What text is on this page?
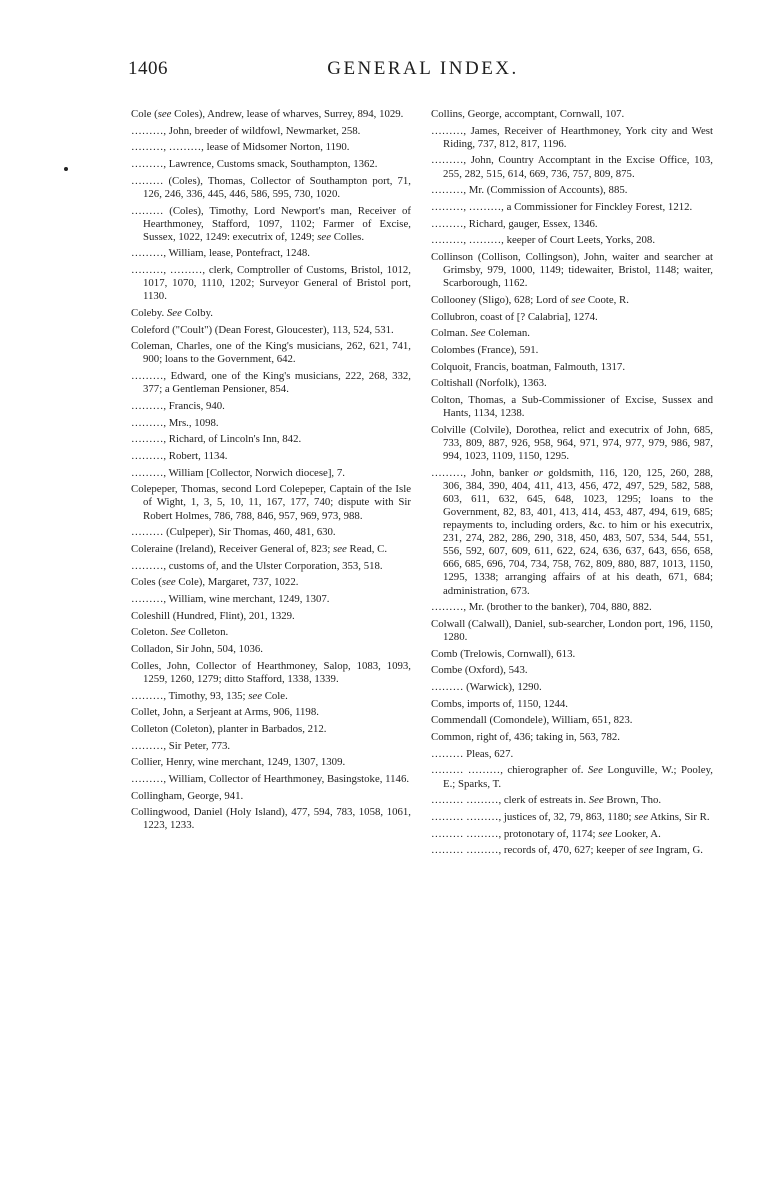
1406	GENERAL INDEX.

Cole (see Coles), Andrew, lease of wharves, Surrey, 894, 1029.

………, John, breeder of wildfowl, Newmarket, 258.

………, ………, lease of Midsomer Norton, 1190.

………, Lawrence, Customs smack, Southampton, 1362.

……… (Coles), Thomas, Collector of Southampton port, 71, 126, 246, 336, 445, 446, 586, 595, 730, 1020.

……… (Coles), Timothy, Lord Newport's man, Receiver of Hearthmoney, Stafford, 1097, 1102; Farmer of Excise, Sussex, 1022, 1249: executrix of, 1249; see Colles.

………, William, lease, Pontefract, 1248.

………, ………, clerk, Comptroller of Customs, Bristol, 1012, 1017, 1070, 1110, 1202; Surveyor General of Bristol port, 1130.

Coleby. See Colby.

Coleford ("Coult") (Dean Forest, Gloucester), 113, 524, 531.

Coleman, Charles, one of the King's musicians, 262, 621, 741, 900; loans to the Government, 642.

………, Edward, one of the King's musicians, 222, 268, 332, 377; a Gentleman Pensioner, 854.

………, Francis, 940.

………, Mrs., 1098.

………, Richard, of Lincoln's Inn, 842.

………, Robert, 1134.

………, William [Collector, Norwich diocese], 7.

Colepeper, Thomas, second Lord Colepeper, Captain of the Isle of Wight, 1, 3, 5, 10, 11, 167, 177, 740; dispute with Sir Robert Holmes, 786, 788, 846, 957, 969, 973, 988.

……… (Culpeper), Sir Thomas, 460, 481, 630.

Coleraine (Ireland), Receiver General of, 823; see Read, C.

………, customs of, and the Ulster Corporation, 353, 518.

Coles (see Cole), Margaret, 737, 1022.

………, William, wine merchant, 1249, 1307.

Coleshill (Hundred, Flint), 201, 1329.

Coleton. See Colleton.

Colladon, Sir John, 504, 1036.

Colles, John, Collector of Hearthmoney, Salop, 1083, 1093, 1259, 1260, 1279; ditto Stafford, 1338, 1339.

………, Timothy, 93, 135; see Cole.

Collet, John, a Serjeant at Arms, 906, 1198.

Colleton (Coleton), planter in Barbados, 212.

………, Sir Peter, 773.

Collier, Henry, wine merchant, 1249, 1307, 1309.

………, William, Collector of Hearthmoney, Basingstoke, 1146.

Collingham, George, 941.

Collingwood, Daniel (Holy Island), 477, 594, 783, 1058, 1061, 1223, 1233.

Collins, George, accomptant, Cornwall, 107.

………, James, Receiver of Hearthmoney, York city and West Riding, 737, 812, 817, 1196.

………, John, Country Accomptant in the Excise Office, 103, 255, 282, 515, 614, 669, 736, 757, 809, 875.

………, Mr. (Commission of Accounts), 885.

………, ………, a Commissioner for Finckley Forest, 1212.

………, Richard, gauger, Essex, 1346.

………, ………, keeper of Court Leets, Yorks, 208.

Collinson (Collison, Collingson), John, waiter and searcher at Grimsby, 979, 1000, 1149; tidewaiter, Bristol, 1148; waiter, Scarborough, 1162.

Collooney (Sligo), 628; Lord of see Coote, R.

Collubron, coast of [? Calabria], 1274.

Colman. See Coleman.

Colombes (France), 591.

Colquoit, Francis, boatman, Falmouth, 1317.

Coltishall (Norfolk), 1363.

Colton, Thomas, a Sub-Commissioner of Excise, Sussex and Hants, 1134, 1238.

Colville (Colvile), Dorothea, relict and executrix of John, 685, 733, 809, 887, 926, 958, 964, 971, 974, 977, 979, 986, 987, 994, 1023, 1109, 1150, 1295.

………, John, banker or goldsmith, 116, 120, 125, 260, 288, 306, 384, 390, 404, 411, 413, 456, 472, 497, 529, 582, 588, 603, 611, 632, 645, 648, 1023, 1295; loans to the Government, 82, 83, 401, 413, 414, 453, 487, 494, 619, 685; repayments to, including orders, &c. to him or his executrix, 231, 274, 282, 286, 290, 318, 450, 483, 507, 534, 544, 551, 556, 592, 607, 609, 611, 622, 624, 636, 637, 643, 656, 658, 666, 685, 696, 704, 734, 758, 762, 809, 880, 887, 1013, 1150, 1295, 1338; arranging affairs of at his death, 671, 684; administration, 673.

………, Mr. (brother to the banker), 704, 880, 882.

Colwall (Calwall), Daniel, sub-searcher, London port, 196, 1150, 1280.

Comb (Trelowis, Cornwall), 613.

Combe (Oxford), 543.

……… (Warwick), 1290.

Combs, imports of, 1150, 1244.

Commendall (Comondele), William, 651, 823.

Common, right of, 436; taking in, 563, 782.

……… Pleas, 627.

……… ………, chierographer of. See Longuville, W.; Pooley, E.; Sparks, T.

……… ………, clerk of estreats in. See Brown, Tho.

……… ………, justices of, 32, 79, 863, 1180; see Atkins, Sir R.

……… ………, protonotary of, 1174; see Looker, A.

……… ………, records of, 470, 627; keeper of see Ingram, G.
